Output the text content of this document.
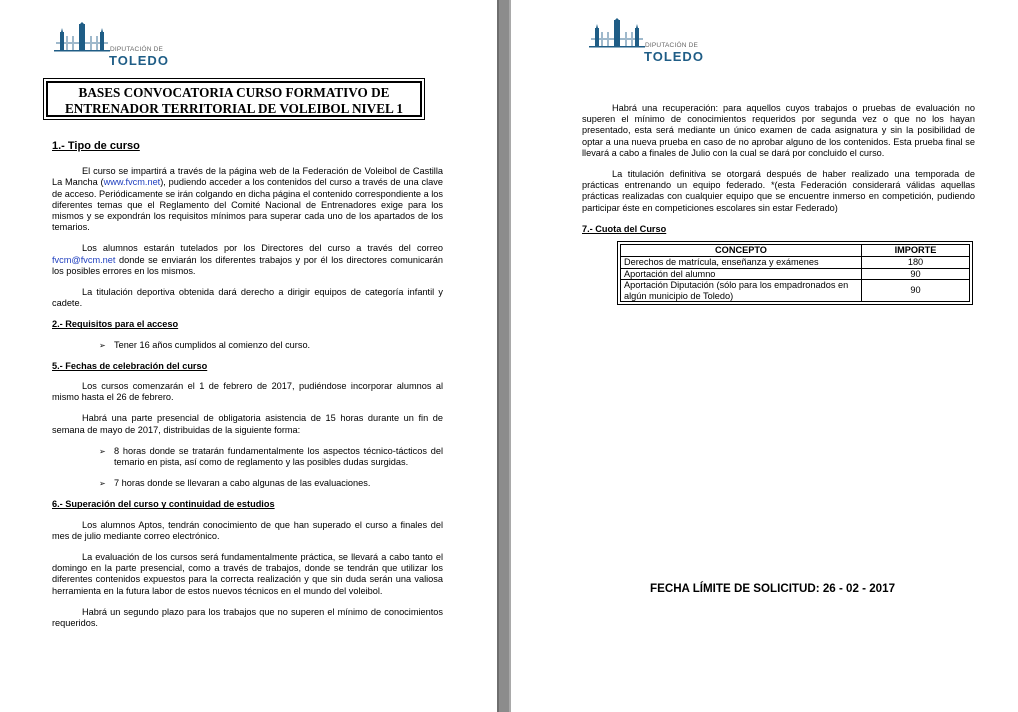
DIPUTACIÓN DE
TOLEDO
BASES CONVOCATORIA CURSO FORMATIVO DE
ENTRENADOR TERRITORIAL DE VOLEIBOL NIVEL 1
1.- Tipo de curso

El curso se impartirá a través de la página web de la Federación de Voleibol de Castilla La Mancha (www.fvcm.net), pudiendo acceder a los contenidos del curso a través de una clave de acceso. Periódicamente se irán colgando en dicha página el contenido correspondiente a los diferentes temas que el Reglamento del Comité Nacional de Entrenadores exige para los mismos y se expondrán los requisitos mínimos para superar cada uno de los apartados de los temarios.

Los alumnos estarán tutelados por los Directores del curso a través del correo fvcm@fvcm.net donde se enviarán los diferentes trabajos y por él los directores comunicarán los posibles errores en los mismos.

La titulación deportiva obtenida dará derecho a dirigir equipos de categoría infantil y cadete.

2.- Requisitos para el acceso
➢ Tener 16 años cumplidos al comienzo del curso.
5.- Fechas de celebración del curso

Los cursos comenzarán el 1 de febrero de 2017, pudiéndose incorporar alumnos al mismo hasta el 26 de febrero.

Habrá una parte presencial de obligatoria asistencia de 15 horas durante un fin de semana de mayo de 2017, distribuidas de la siguiente forma:

➢ 8 horas donde se tratarán fundamentalmente los aspectos técnico-tácticos del temario en pista, así como de reglamento y las posibles dudas surgidas.
➢ 7 horas donde se llevaran a cabo algunas de las evaluaciones.
6.- Superación del curso y continuidad de estudios

Los alumnos Aptos, tendrán conocimiento de que han superado el curso a finales del mes de julio mediante correo electrónico.

La evaluación de los cursos será fundamentalmente práctica, se llevará a cabo tanto el domingo en la parte presencial, como a través de trabajos, donde se tendrán que utilizar los diferentes contenidos expuestos para la correcta realización y que sin duda serán una valiosa herramienta en la futura labor de estos nuevos técnicos en el mundo del voleibol.

Habrá un segundo plazo para los trabajos que no superen el mínimo de conocimientos requeridos.

DIPUTACIÓN DE
TOLEDO

Habrá una recuperación: para aquellos cuyos trabajos o pruebas de evaluación no superen el mínimo de conocimientos requeridos por segunda vez o que no los hayan presentado, esta será mediante un único examen de cada asignatura y sin la posibilidad de optar a una nueva prueba en caso de no aprobar alguno de los contenidos. Esta prueba final se llevará a cabo a finales de Julio con la cual se dará por concluido el curso.

La titulación definitiva se otorgará después de haber realizado una temporada de prácticas entrenando un equipo federado. *(esta Federación considerará válidas aquellas prácticas realizadas con cualquier equipo que se encuentre inmerso en competición, pudiendo participar éste en competiciones escolares sin estar Federado)

7.- Cuota del Curso
CONCEPTO	IMPORTE
Derechos de matrícula, enseñanza y exámenes	180
Aportación del alumno	90
Aportación Diputación (sólo para los empadronados en algún municipio de Toledo)	90
FECHA LÍMITE DE SOLICITUD: 26 - 02 - 2017
